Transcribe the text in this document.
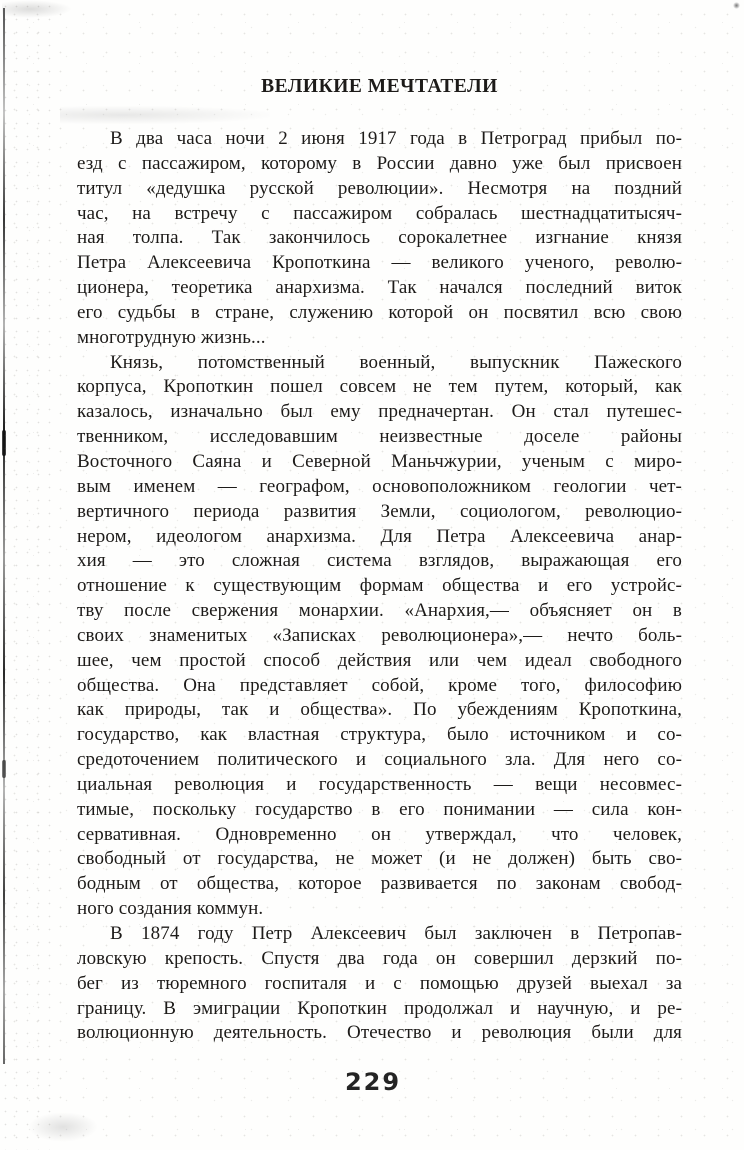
ВЕЛИКИЕ МЕЧТАТЕЛИ
В два часа ночи 2 июня 1917 года в Петроград прибыл по-
езд с пассажиром, которому в России давно уже был присвоен
титул «дедушка русской революции». Несмотря на поздний
час, на встречу с пассажиром собралась шестнадцатитысяч-
ная толпа. Так закончилось сорокалетнее изгнание князя
Петра Алексеевича Кропоткина — великого ученого, револю-
ционера, теоретика анархизма. Так начался последний виток
его судьбы в стране, служению которой он посвятил всю свою
многотрудную жизнь...
Князь, потомственный военный, выпускник Пажеского
корпуса, Кропоткин пошел совсем не тем путем, который, как
казалось, изначально был ему предначертан. Он стал путешес-
твенником, исследовавшим неизвестные доселе районы
Восточного Саяна и Северной Маньчжурии, ученым с миро-
вым именем — географом, основоположником геологии чет-
вертичного периода развития Земли, социологом, революцио-
нером, идеологом анархизма. Для Петра Алексеевича анар-
хия — это сложная система взглядов, выражающая его
отношение к существующим формам общества и его устройс-
тву после свержения монархии. «Анархия,— объясняет он в
своих знаменитых «Записках революционера»,— нечто боль-
шее, чем простой способ действия или чем идеал свободного
общества. Она представляет собой, кроме того, философию
как природы, так и общества». По убеждениям Кропоткина,
государство, как властная структура, было источником и со-
средоточением политического и социального зла. Для него со-
циальная революция и государственность — вещи несовмес-
тимые, поскольку государство в его понимании — сила кон-
сервативная. Одновременно он утверждал, что человек,
свободный от государства, не может (и не должен) быть сво-
бодным от общества, которое развивается по законам свобод-
ного создания коммун.
В 1874 году Петр Алексеевич был заключен в Петропав-
ловскую крепость. Спустя два года он совершил дерзкий по-
бег из тюремного госпиталя и с помощью друзей выехал за
границу. В эмиграции Кропоткин продолжал и научную, и ре-
волюционную деятельность. Отечество и революция были для
229
